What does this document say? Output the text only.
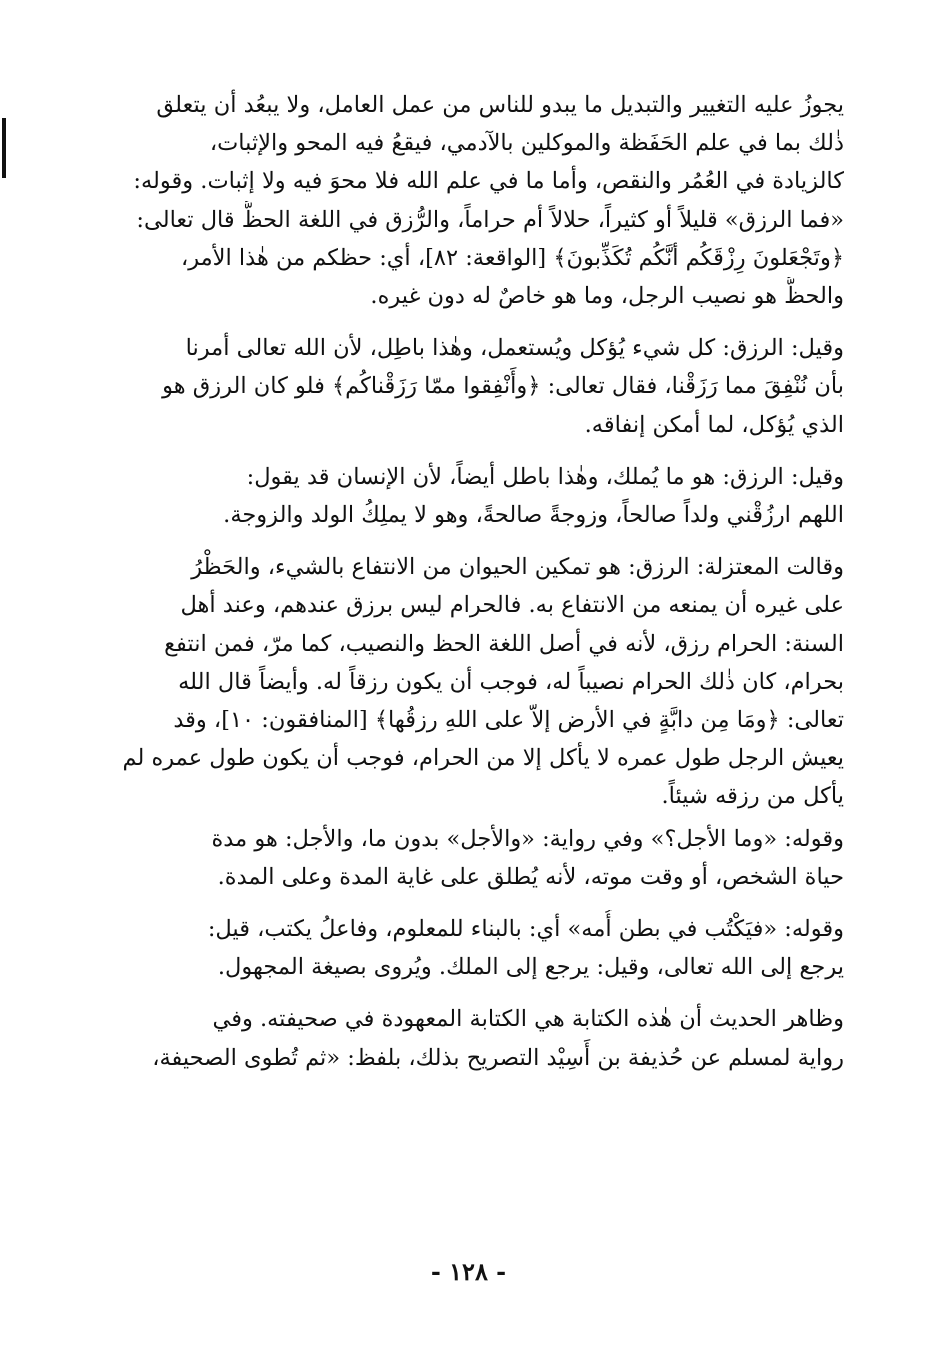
يجوزُ عليه التغيير والتبديل ما يبدو للناس من عمل العامل، ولا يبعُد أن يتعلق
ذٰلك بما في علم الحَفَظة والموكلين بالآدمي، فيقعُ فيه المحو والإثبات،
كالزيادة في العُمُر والنقص، وأما ما في علم الله فلا محوَ فيه ولا إثبات. وقوله:
«فما الرزق» قليلاً أو كثيراً، حلالاً أم حراماً، والرُّزق في اللغة الحظُّ قال تعالى:
﴿وتَجْعَلونَ رِزْقَكُم أنَّكُم تُكَذِّبونَ﴾ [الواقعة: ٨٢]، أي: حظكم من هٰذا الأمر،
والحظُّ هو نصيب الرجل، وما هو خاصٌ له دون غيره.

وقيل: الرزق: كل شيء يُؤكل ويُستعمل، وهٰذا باطِل، لأن الله تعالى أمرنا
بأن نُنْفِقَ مما رَزَقْنا، فقال تعالى: ﴿وأَنْفِقوا ممّا رَزَقْناكُم﴾ فلو كان الرزق هو
الذي يُؤكل، لما أمكن إنفاقه.

وقيل: الرزق: هو ما يُملك، وهٰذا باطل أيضاً، لأن الإنسان قد يقول:
اللهم ارزُقْني ولداً صالحاً، وزوجةً صالحةً، وهو لا يملِكُ الولد والزوجة.

وقالت المعتزلة: الرزق: هو تمكين الحيوان من الانتفاع بالشيء، والحَظْرُ
على غيره أن يمنعه من الانتفاع به. فالحرام ليس برزق عندهم، وعند أهل
السنة: الحرام رزق، لأنه في أصل اللغة الحظ والنصيب، كما مرّ، فمن انتفع
بحرام، كان ذٰلك الحرام نصيباً له، فوجب أن يكون رزقاً له. وأيضاً قال الله
تعالى: ﴿ومَا مِن دابَّةٍ في الأرض إلاّ على اللهِ رزقُها﴾ [المنافقون: ١٠]، وقد
يعيش الرجل طول عمره لا يأكل إلا من الحرام، فوجب أن يكون طول عمره لم
يأكل من رزقه شيئاً.

وقوله: «وما الأجل؟» وفي رواية: «والأجل» بدون ما، والأجل: هو مدة
حياة الشخص، أو وقت موته، لأنه يُطلق على غاية المدة وعلى المدة.

وقوله: «فيَكْتُب في بطن أُمه» أي: بالبناء للمعلوم، وفاعلُ يكتب، قيل:
يرجع إلى الله تعالى، وقيل: يرجع إلى الملك. ويُروى بصيغة المجهول.

وظاهر الحديث أن هٰذه الكتابة هي الكتابة المعهودة في صحيفته. وفي
رواية لمسلم عن حُذيفة بن أَسِيْد التصريح بذلك، بلفظ: «ثم تُطوى الصحيفة،

- ١٢٨ -
